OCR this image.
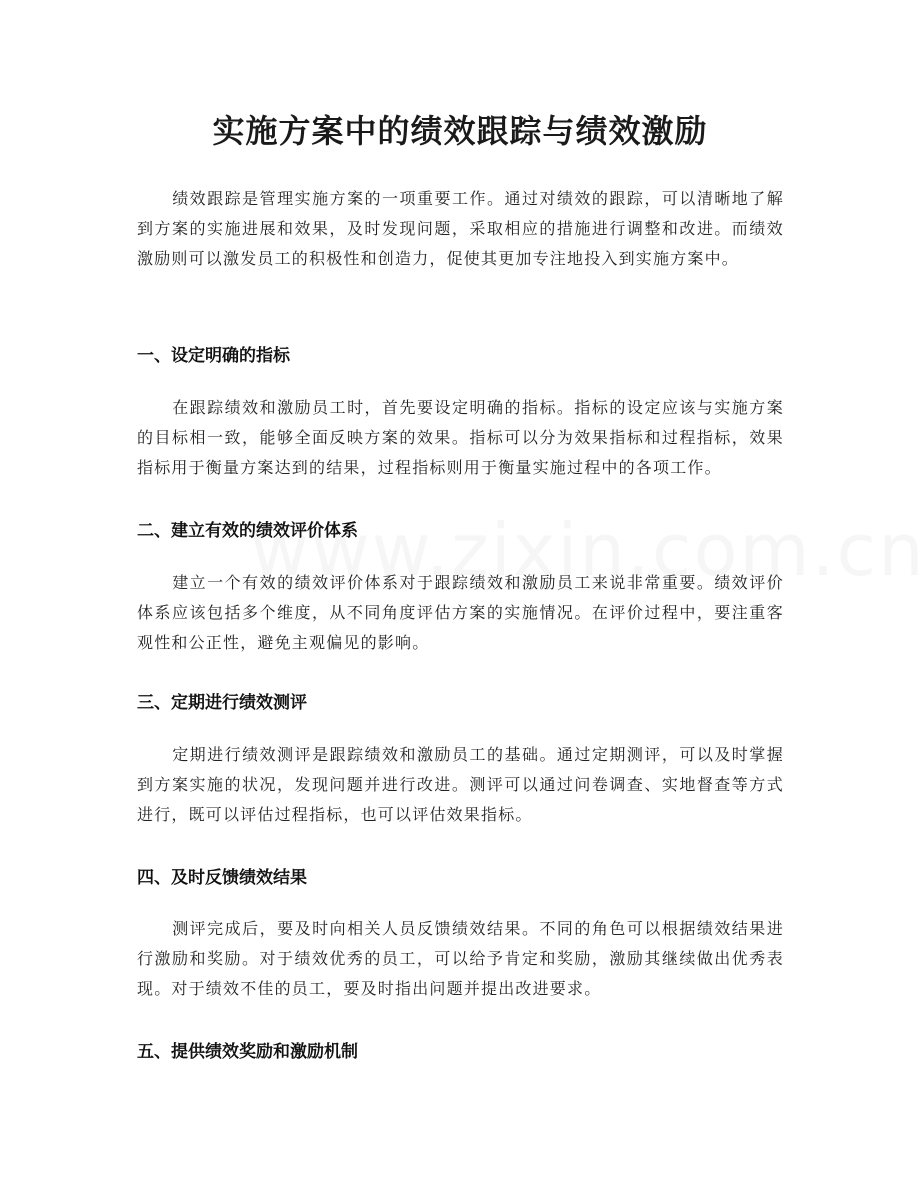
实施方案中的绩效跟踪与绩效激励

绩效跟踪是管理实施方案的一项重要工作。通过对绩效的跟踪，可以清晰地了解到方案的实施进展和效果，及时发现问题，采取相应的措施进行调整和改进。而绩效激励则可以激发员工的积极性和创造力，促使其更加专注地投入到实施方案中。

一、设定明确的指标

在跟踪绩效和激励员工时，首先要设定明确的指标。指标的设定应该与实施方案的目标相一致，能够全面反映方案的效果。指标可以分为效果指标和过程指标，效果指标用于衡量方案达到的结果，过程指标则用于衡量实施过程中的各项工作。

二、建立有效的绩效评价体系

建立一个有效的绩效评价体系对于跟踪绩效和激励员工来说非常重要。绩效评价体系应该包括多个维度，从不同角度评估方案的实施情况。在评价过程中，要注重客观性和公正性，避免主观偏见的影响。

三、定期进行绩效测评

定期进行绩效测评是跟踪绩效和激励员工的基础。通过定期测评，可以及时掌握到方案实施的状况，发现问题并进行改进。测评可以通过问卷调查、实地督查等方式进行，既可以评估过程指标，也可以评估效果指标。

四、及时反馈绩效结果

测评完成后，要及时向相关人员反馈绩效结果。不同的角色可以根据绩效结果进行激励和奖励。对于绩效优秀的员工，可以给予肯定和奖励，激励其继续做出优秀表现。对于绩效不佳的员工，要及时指出问题并提出改进要求。

五、提供绩效奖励和激励机制
